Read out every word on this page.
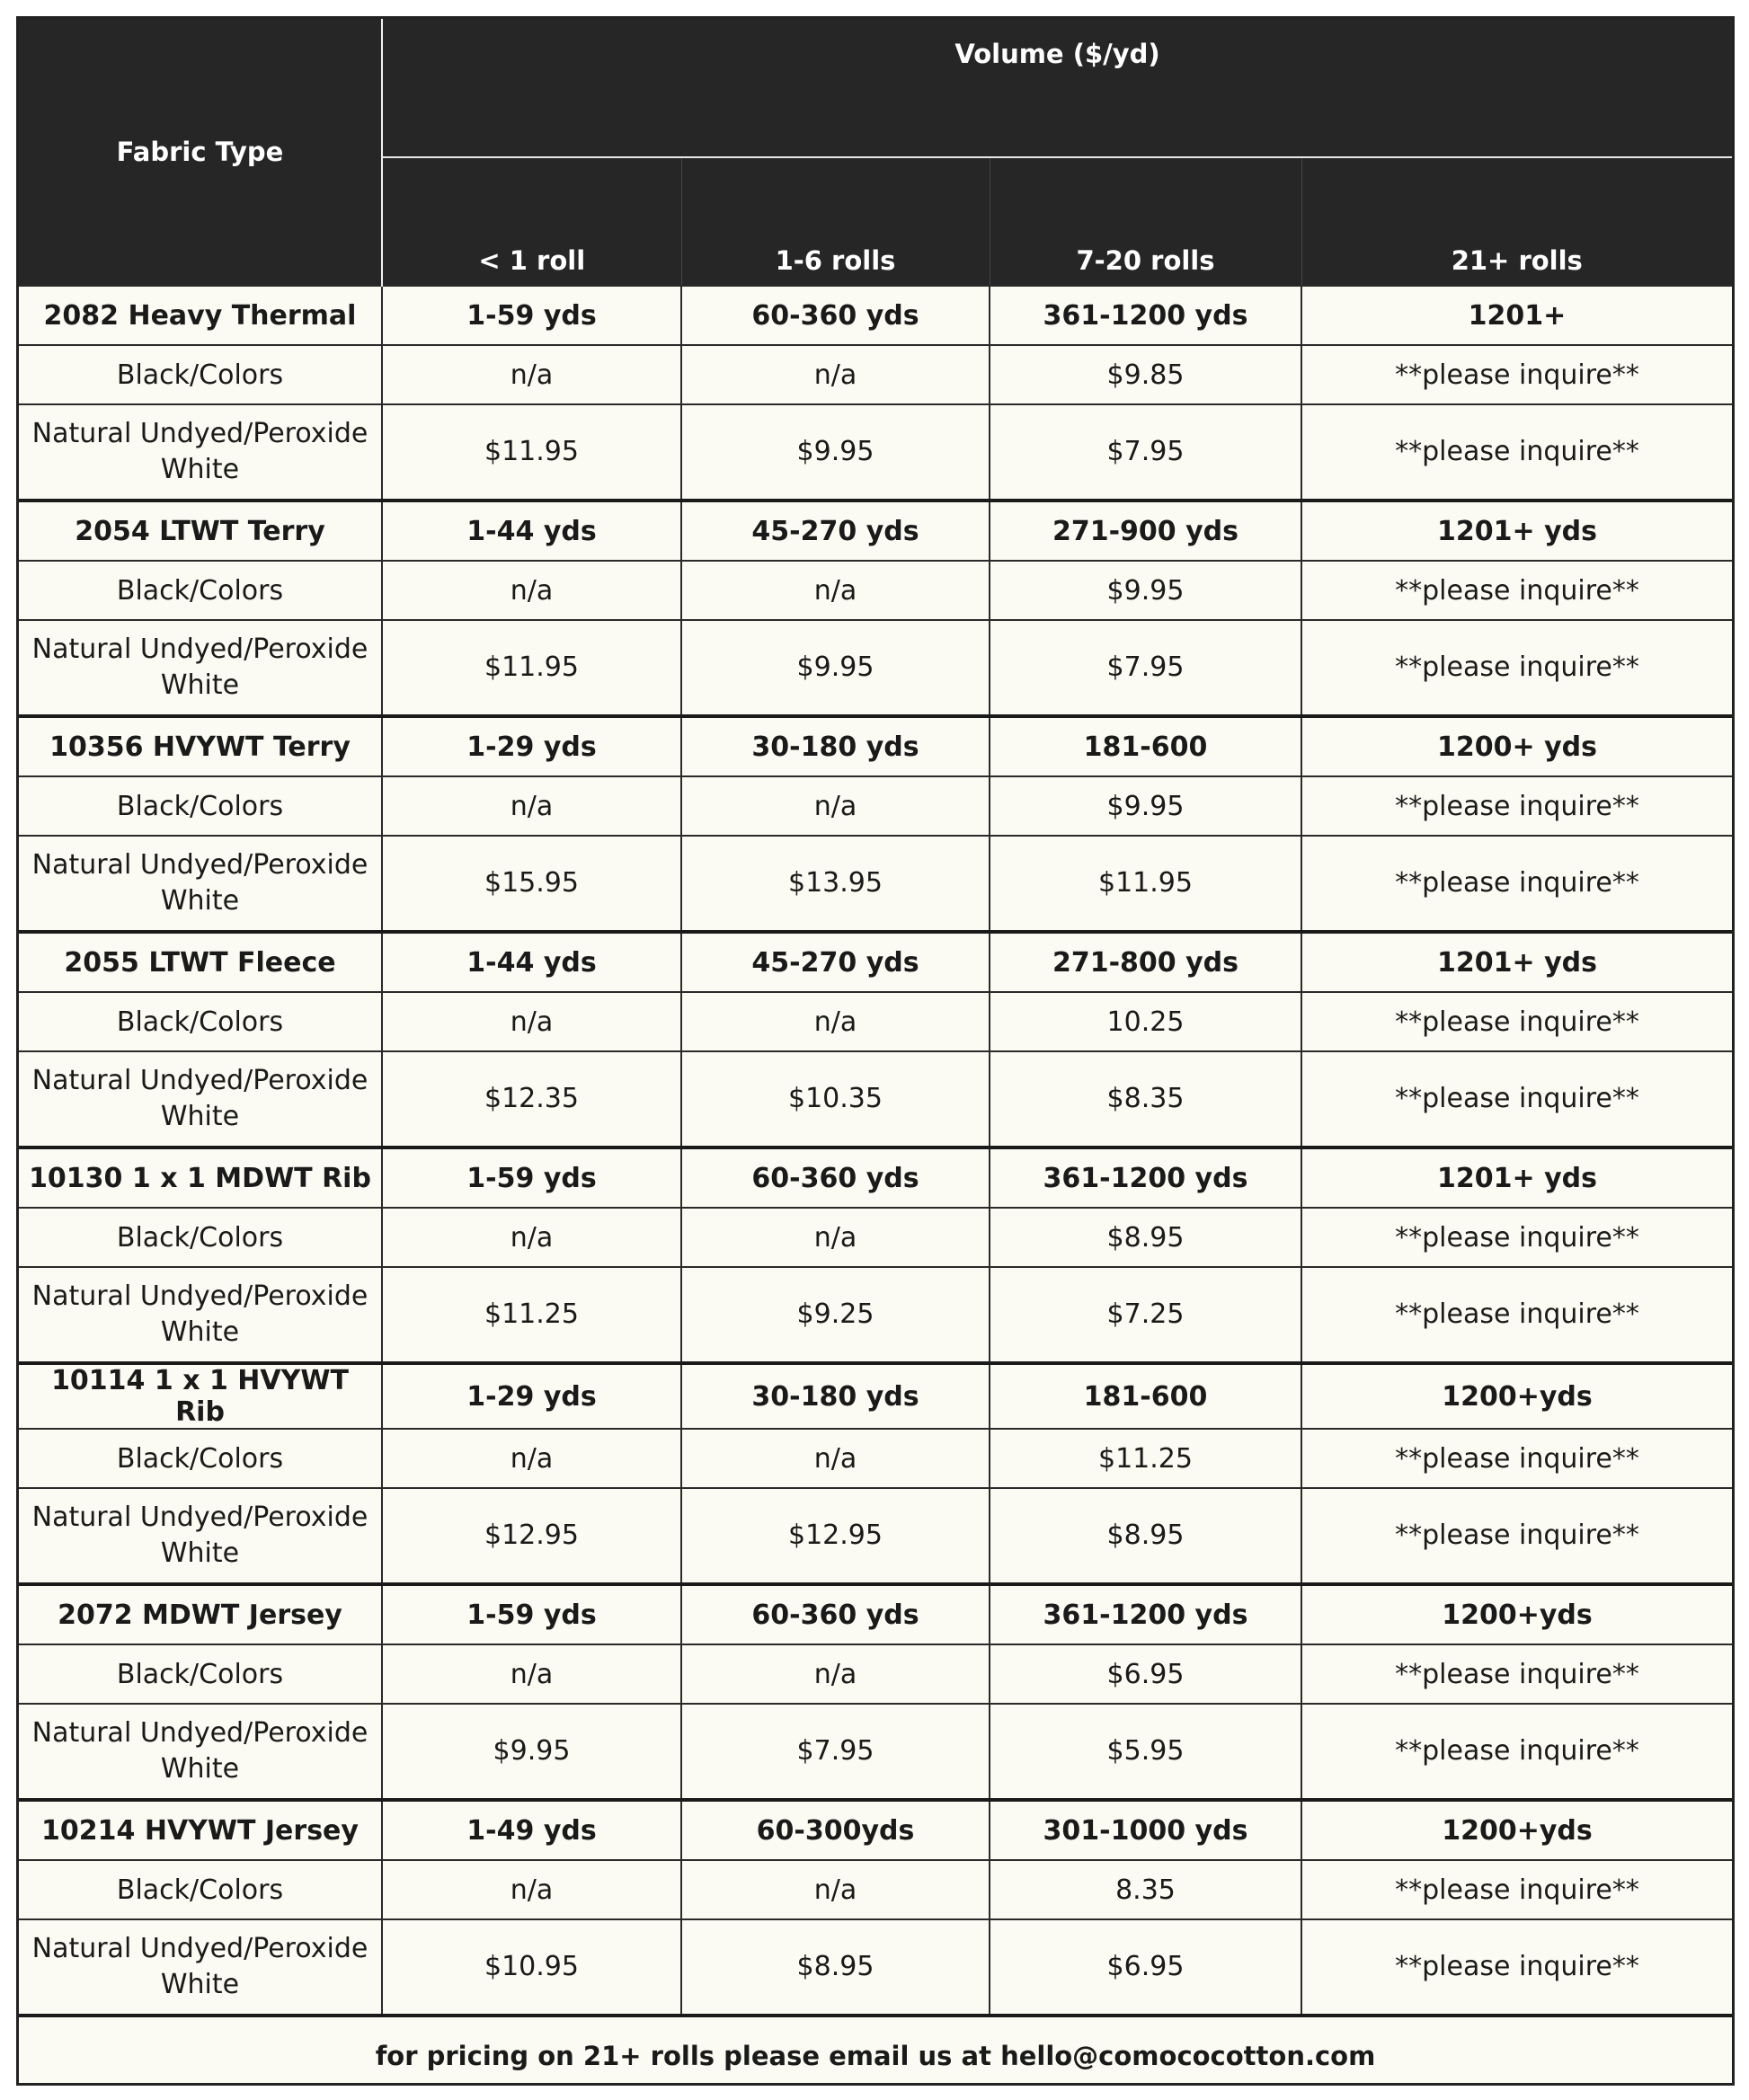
Fabric Type	Volume ($/yd)			
	< 1 roll	1-6 rolls	7-20 rolls	21+ rolls
2082 Heavy Thermal	1-59 yds	60-360 yds	361-1200 yds	1201+
Black/Colors	n/a	n/a	$9.85	**please inquire**
Natural Undyed/Peroxide White	$11.95	$9.95	$7.95	**please inquire**
2054 LTWT Terry	1-44 yds	45-270 yds	271-900 yds	1201+ yds
Black/Colors	n/a	n/a	$9.95	**please inquire**
Natural Undyed/Peroxide White	$11.95	$9.95	$7.95	**please inquire**
10356 HVYWT Terry	1-29 yds	30-180 yds	181-600	1200+ yds
Black/Colors	n/a	n/a	$9.95	**please inquire**
Natural Undyed/Peroxide White	$15.95	$13.95	$11.95	**please inquire**
2055 LTWT Fleece	1-44 yds	45-270 yds	271-800 yds	1201+ yds
Black/Colors	n/a	n/a	10.25	**please inquire**
Natural Undyed/Peroxide White	$12.35	$10.35	$8.35	**please inquire**
10130 1 x 1 MDWT Rib	1-59 yds	60-360 yds	361-1200 yds	1201+ yds
Black/Colors	n/a	n/a	$8.95	**please inquire**
Natural Undyed/Peroxide White	$11.25	$9.25	$7.25	**please inquire**
10114 1 x 1 HVYWT Rib	1-29 yds	30-180 yds	181-600	1200+yds
Black/Colors	n/a	n/a	$11.25	**please inquire**
Natural Undyed/Peroxide White	$12.95	$12.95	$8.95	**please inquire**
2072 MDWT Jersey	1-59 yds	60-360 yds	361-1200 yds	1200+yds
Black/Colors	n/a	n/a	$6.95	**please inquire**
Natural Undyed/Peroxide White	$9.95	$7.95	$5.95	**please inquire**
10214 HVYWT Jersey	1-49 yds	60-300yds	301-1000 yds	1200+yds
Black/Colors	n/a	n/a	8.35	**please inquire**
Natural Undyed/Peroxide White	$10.95	$8.95	$6.95	**please inquire**
for pricing on 21+ rolls please email us at hello@comococotton.com				
